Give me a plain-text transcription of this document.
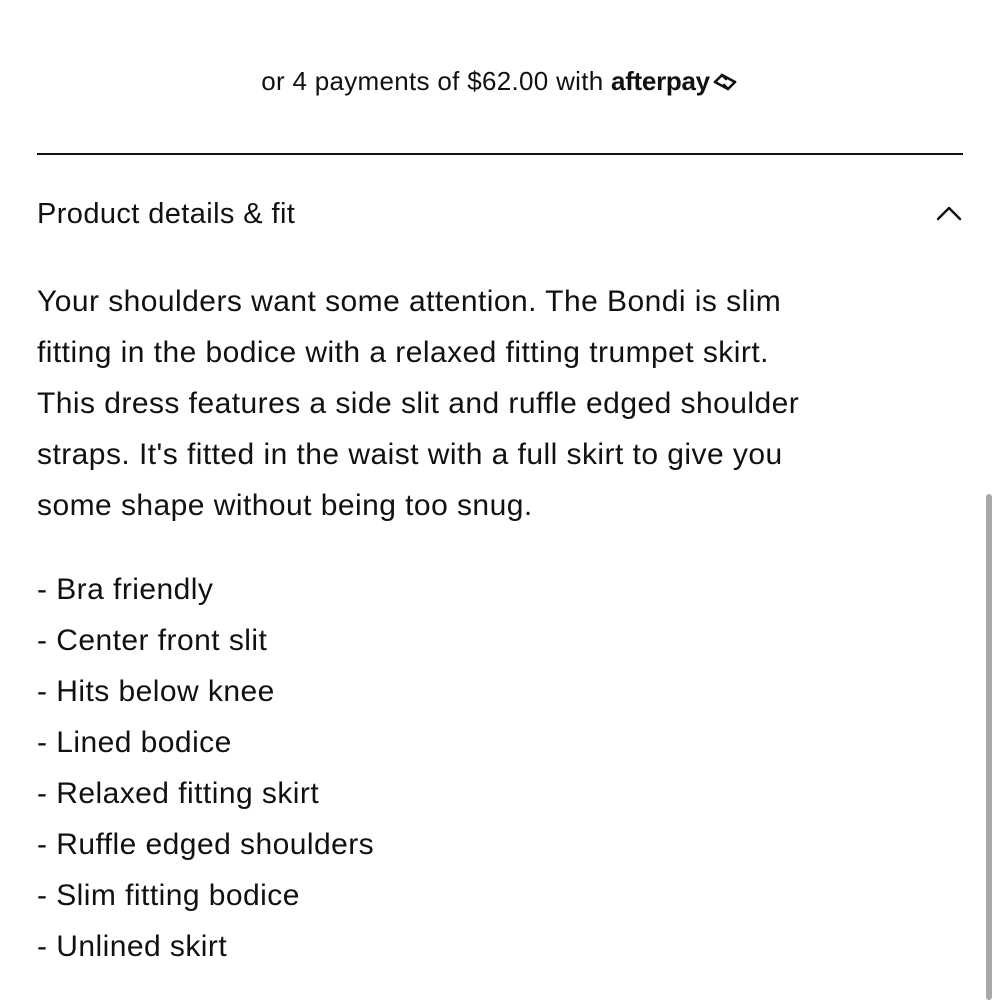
or 4 payments of $62.00 with afterpay
Product details & fit

Your shoulders want some attention. The Bondi is slim
fitting in the bodice with a relaxed fitting trumpet skirt.
This dress features a side slit and ruffle edged shoulder
straps. It's fitted in the waist with a full skirt to give you
some shape without being too snug.

- Bra friendly
- Center front slit
- Hits below knee
- Lined bodice
- Relaxed fitting skirt
- Ruffle edged shoulders
- Slim fitting bodice
- Unlined skirt
